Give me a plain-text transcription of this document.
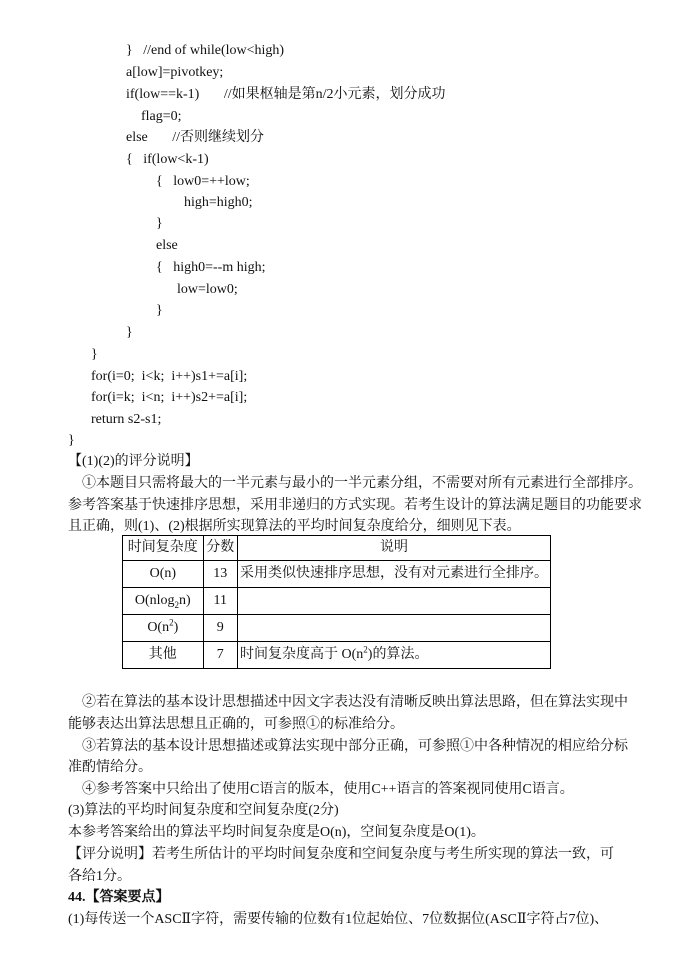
}   //end of while(low<high)
a[low]=pivotkey;
if(low==k-1)       //如果枢轴是第n/2小元素，划分成功
flag=0;
else       //否则继续划分
{   if(low<k-1)
{   low0=++low;
high=high0;
}
else
{   high0=--m high;
low=low0;
}
}
}
for(i=0;  i<k;  i++)s1+=a[i];
for(i=k;  i<n;  i++)s2+=a[i];
return s2-s1;
}
【(1)(2)的评分说明】
①本题目只需将最大的一半元素与最小的一半元素分组，不需要对所有元素进行全部排序。
参考答案基于快速排序思想，采用非递归的方式实现。若考生设计的算法满足题目的功能要求
且正确，则(1)、(2)根据所实现算法的平均时间复杂度给分，细则见下表。
时间复杂度	分数	说明
O(n)	13	采用类似快速排序思想，没有对元素进行全排序。
O(nlog$_2$n)	11	
$O(n^2)$	9	
其他	7	时间复杂度高于 $O(n^2)$的算法。
②若在算法的基本设计思想描述中因文字表达没有清晰反映出算法思路，但在算法实现中
能够表达出算法思想且正确的，可参照①的标准给分。
③若算法的基本设计思想描述或算法实现中部分正确，可参照①中各种情况的相应给分标
准酌情给分。
④参考答案中只给出了使用C语言的版本，使用C++语言的答案视同使用C语言。
(3)算法的平均时间复杂度和空间复杂度(2分)
本参考答案给出的算法平均时间复杂度是O(n)，空间复杂度是O(1)。
【评分说明】若考生所估计的平均时间复杂度和空间复杂度与考生所实现的算法一致，可
各给1分。
44.【答案要点】
(1)每传送一个ASCⅡ字符，需要传输的位数有1位起始位、7位数据位(ASCⅡ字符占7位)、
